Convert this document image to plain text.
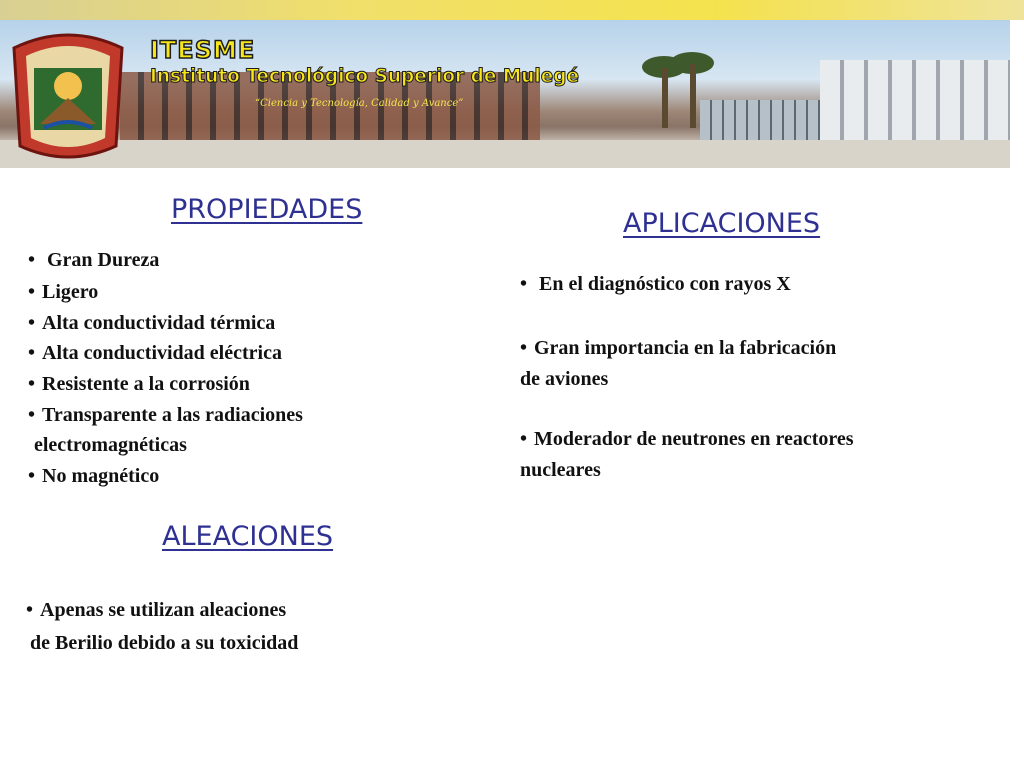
ITESME
Instituto Tecnológico Superior de Mulegé

“Ciencia y Tecnología, Calidad y Avance”

PROPIEDADES

• Gran Dureza

• Ligero

• Alta conductividad térmica

• Alta conductividad eléctrica

• Resistente a la corrosión

• Transparente a las radiaciones

electromagnéticas

• No magnético

APLICACIONES

• En el diagnóstico con rayos X

• Gran importancia en la fabricación

de aviones

• Moderador de neutrones en reactores

nucleares

ALEACIONES

• Apenas se utilizan aleaciones

de Berilio debido a su toxicidad
